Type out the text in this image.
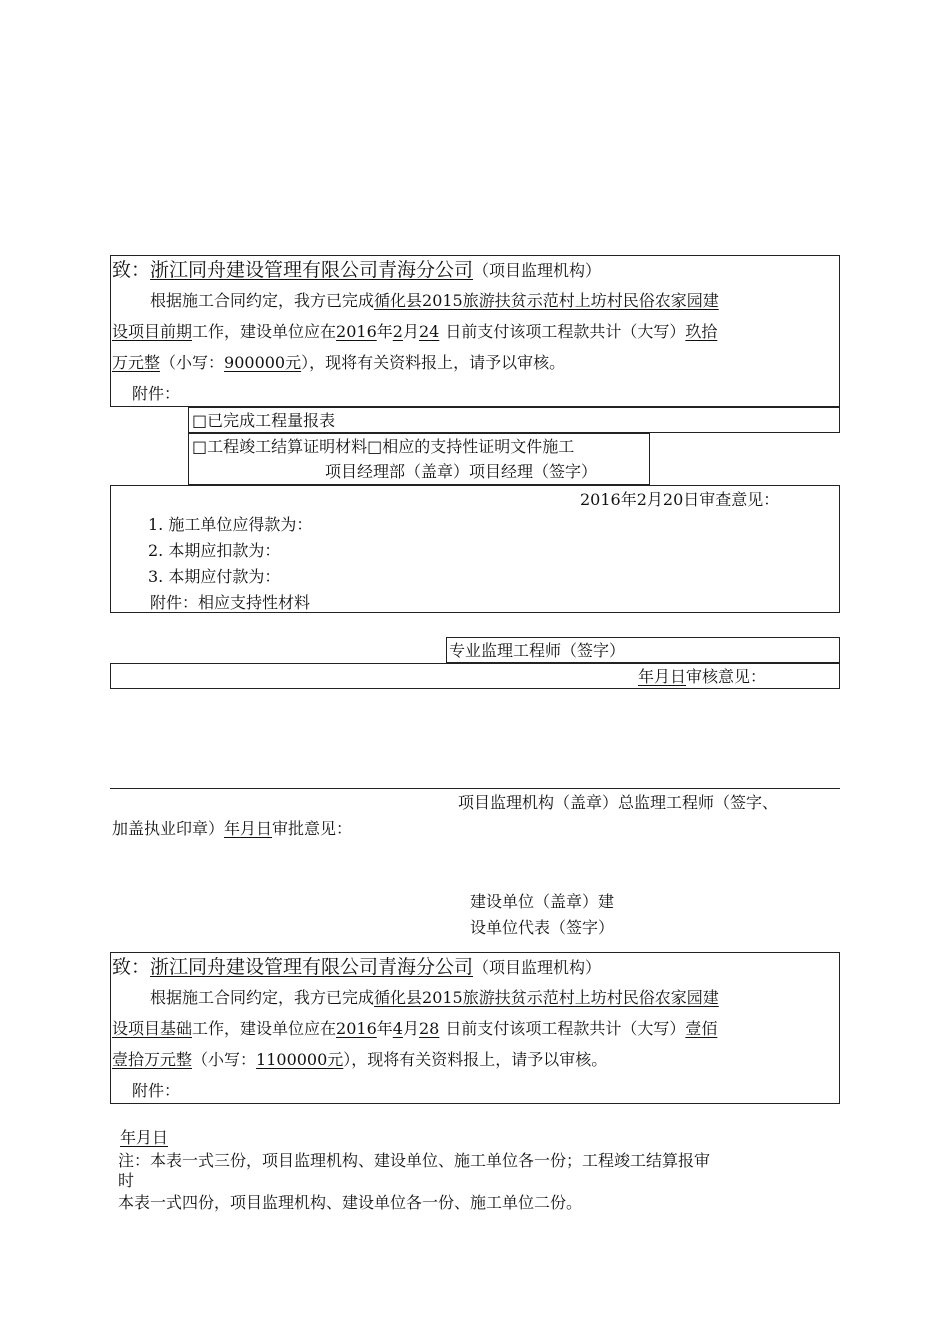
致：浙江同舟建设管理有限公司青海分公司（项目监理机构）
根据施工合同约定，我方已完成循化县2015旅游扶贫示范村上坊村民俗农家园建
设项目前期工作，建设单位应在2016年2月24 日前支付该项工程款共计（大写）玖拾
万元整（小写：900000元），现将有关资料报上，请予以审核。
附件：
□已完成工程量报表
□工程竣工结算证明材料□相应的支持性证明文件施工
项目经理部（盖章）项目经理（签字）
2016年2月20日审查意见：
1. 施工单位应得款为：
2. 本期应扣款为：
3. 本期应付款为：
附件：相应支持性材料
专业监理工程师（签字）
年月日审核意见：
项目监理机构（盖章）总监理工程师（签字、
加盖执业印章）年月日审批意见：
建设单位（盖章）建
设单位代表（签字）
致：浙江同舟建设管理有限公司青海分公司（项目监理机构）
根据施工合同约定，我方已完成循化县2015旅游扶贫示范村上坊村民俗农家园建
设项目基础工作，建设单位应在2016年4月28 日前支付该项工程款共计（大写）壹佰
壹拾万元整（小写：1100000元），现将有关资料报上，请予以审核。
附件：
年月日
注：本表一式三份，项目监理机构、建设单位、施工单位各一份；工程竣工结算报审
时
本表一式四份，项目监理机构、建设单位各一份、施工单位二份。
